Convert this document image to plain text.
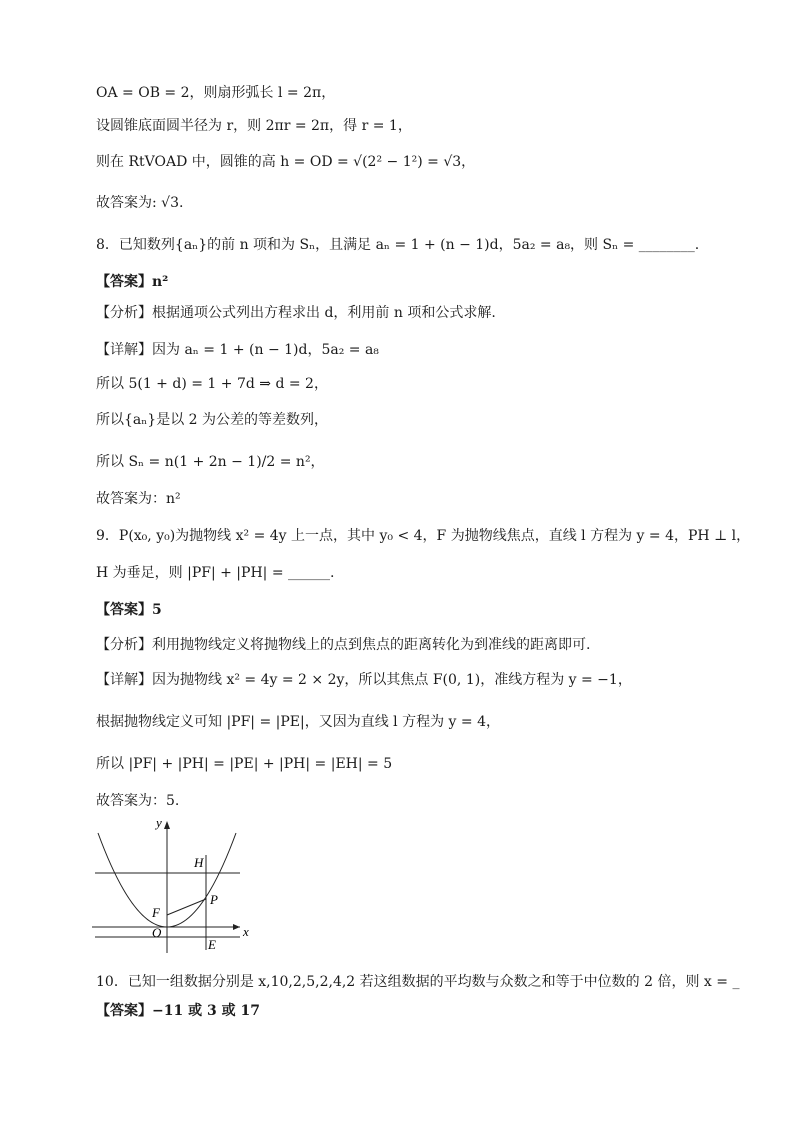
OA = OB = 2，则扇形弧长 l = 2π，
设圆锥底面圆半径为 r，则 2πr = 2π，得 r = 1，
则在 RtVOAD 中，圆锥的高 h = OD = √(2² − 1²) = √3，
故答案为: √3.
8．已知数列{aₙ}的前 n 项和为 Sₙ，且满足 aₙ = 1 + (n − 1)d，5a₂ = a₈，则 Sₙ = ________.
【答案】n²
【分析】根据通项公式列出方程求出 d，利用前 n 项和公式求解.
【详解】因为 aₙ = 1 + (n − 1)d，5a₂ = a₈
所以 5(1 + d) = 1 + 7d ⇒ d = 2，
所以{aₙ}是以 2 为公差的等差数列，
所以 Sₙ = n(1 + 2n − 1)/2 = n²，
故答案为：n²
9．P(x₀, y₀)为抛物线 x² = 4y 上一点，其中 y₀ < 4，F 为抛物线焦点，直线 l 方程为 y = 4，PH ⊥ l，
H 为垂足，则 |PF| + |PH| = ______.
【答案】5
【分析】利用抛物线定义将抛物线上的点到焦点的距离转化为到准线的距离即可.
【详解】因为抛物线 x² = 4y = 2 × 2y，所以其焦点 F(0, 1)，准线方程为 y = −1，
根据抛物线定义可知 |PF| = |PE|，又因为直线 l 方程为 y = 4，
所以 |PF| + |PH| = |PE| + |PH| = |EH| = 5
故答案为：5.
y
x
H
P
F
O
E
10．已知一组数据分别是 x,10,2,5,2,4,2 若这组数据的平均数与众数之和等于中位数的 2 倍，则 x = _
【答案】−11 或 3 或 17
